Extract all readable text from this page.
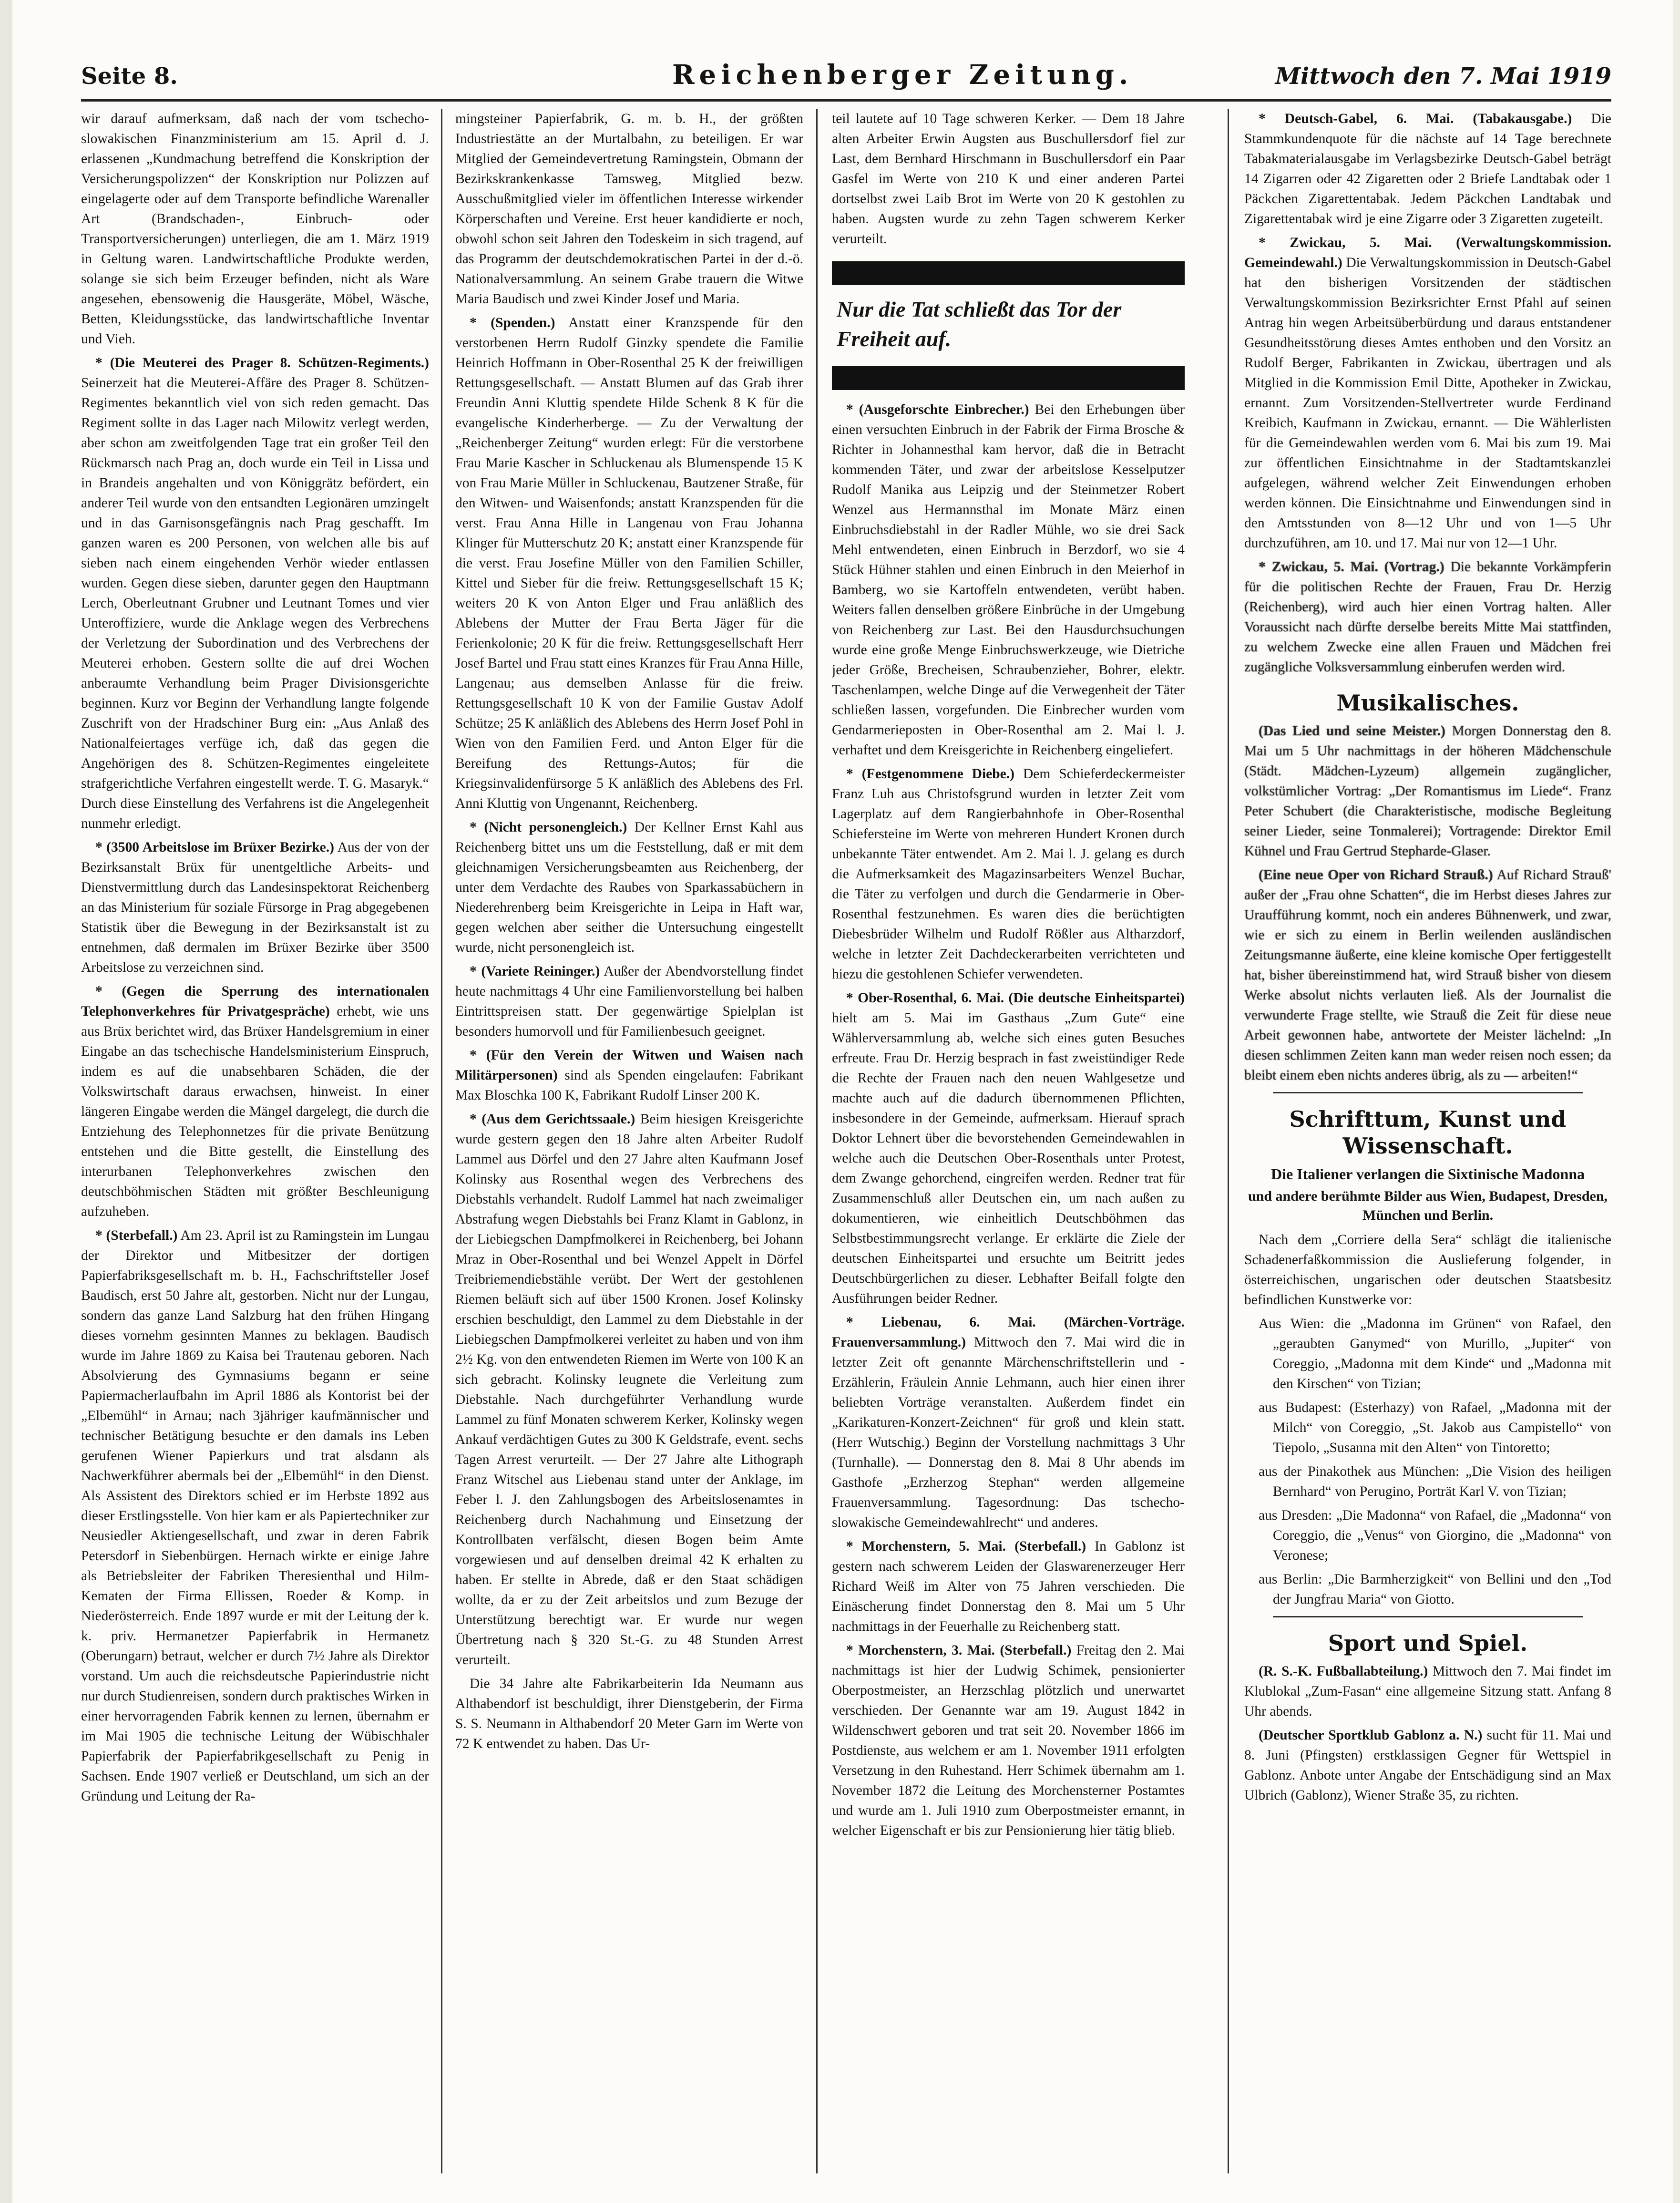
Seite 8.	Reichenberger Zeitung.	Mittwoch den 7. Mai 1919

wir darauf aufmerksam, daß nach der vom tschecho-slowakischen Finanzministerium am 15. April d. J. erlassenen „Kundmachung betreffend die Konskription der Versicherungspolizzen“ der Konskription nur Polizzen auf eingelagerte oder auf dem Transporte befindliche Warenaller Art (Brandschaden-, Einbruch- oder Transportversicherungen) unterliegen, die am 1. März 1919 in Geltung waren. Landwirtschaftliche Produkte werden, solange sie sich beim Erzeuger befinden, nicht als Ware angesehen, ebensowenig die Hausgeräte, Möbel, Wäsche, Betten, Kleidungsstücke, das landwirtschaftliche Inventar und Vieh.

* (Die Meuterei des Prager 8. Schützen-Regiments.) Seinerzeit hat die Meuterei-Affäre des Prager 8. Schützen-Regimentes bekanntlich viel von sich reden gemacht. Das Regiment sollte in das Lager nach Milowitz verlegt werden, aber schon am zweitfolgenden Tage trat ein großer Teil den Rückmarsch nach Prag an, doch wurde ein Teil in Lissa und in Brandeis angehalten und von Königgrätz befördert, ein anderer Teil wurde von den entsandten Legionären umzingelt und in das Garnisonsgefängnis nach Prag geschafft. Im ganzen waren es 200 Personen, von welchen alle bis auf sieben nach einem eingehenden Verhör wieder entlassen wurden. Gegen diese sieben, darunter gegen den Hauptmann Lerch, Oberleutnant Grubner und Leutnant Tomes und vier Unteroffiziere, wurde die Anklage wegen des Verbrechens der Verletzung der Subordination und des Verbrechens der Meuterei erhoben. Gestern sollte die auf drei Wochen anberaumte Verhandlung beim Prager Divisionsgerichte beginnen. Kurz vor Beginn der Verhandlung langte folgende Zuschrift von der Hradschiner Burg ein: „Aus Anlaß des Nationalfeiertages verfüge ich, daß das gegen die Angehörigen des 8. Schützen-Regimentes eingeleitete strafgerichtliche Verfahren eingestellt werde. T. G. Masaryk.“ Durch diese Einstellung des Verfahrens ist die Angelegenheit nunmehr erledigt.

* (3500 Arbeitslose im Brüxer Bezirke.) Aus der von der Bezirksanstalt Brüx für unentgeltliche Arbeits- und Dienstvermittlung durch das Landesinspektorat Reichenberg an das Ministerium für soziale Fürsorge in Prag abgegebenen Statistik über die Bewegung in der Bezirksanstalt ist zu entnehmen, daß dermalen im Brüxer Bezirke über 3500 Arbeitslose zu verzeichnen sind.

* (Gegen die Sperrung des internationalen Telephonverkehres für Privatgespräche) erhebt, wie uns aus Brüx berichtet wird, das Brüxer Handelsgremium in einer Eingabe an das tschechische Handelsministerium Einspruch, indem es auf die unabsehbaren Schäden, die der Volkswirtschaft daraus erwachsen, hinweist. In einer längeren Eingabe werden die Mängel dargelegt, die durch die Entziehung des Telephonnetzes für die private Benützung entstehen und die Bitte gestellt, die Einstellung des interurbanen Telephonverkehres zwischen den deutschböhmischen Städten mit größter Beschleunigung aufzuheben.

* (Sterbefall.) Am 23. April ist zu Ramingstein im Lungau der Direktor und Mitbesitzer der dortigen Papierfabriksgesellschaft m. b. H., Fachschriftsteller Josef Baudisch, erst 50 Jahre alt, gestorben. Nicht nur der Lungau, sondern das ganze Land Salzburg hat den frühen Hingang dieses vornehm gesinnten Mannes zu beklagen. Baudisch wurde im Jahre 1869 zu Kaisa bei Trautenau geboren. Nach Absolvierung des Gymnasiums begann er seine Papiermacherlaufbahn im April 1886 als Kontorist bei der „Elbemühl“ in Arnau; nach 3jähriger kaufmännischer und technischer Betätigung besuchte er den damals ins Leben gerufenen Wiener Papierkurs und trat alsdann als Nachwerkführer abermals bei der „Elbemühl“ in den Dienst. Als Assistent des Direktors schied er im Herbste 1892 aus dieser Erstlingsstelle. Von hier kam er als Papiertechniker zur Neusiedler Aktiengesellschaft, und zwar in deren Fabrik Petersdorf in Siebenbürgen. Hernach wirkte er einige Jahre als Betriebsleiter der Fabriken Theresienthal und Hilm-Kematen der Firma Ellissen, Roeder & Komp. in Niederösterreich. Ende 1897 wurde er mit der Leitung der k. k. priv. Hermanetzer Papierfabrik in Hermanetz (Oberungarn) betraut, welcher er durch 7½ Jahre als Direktor vorstand. Um auch die reichsdeutsche Papierindustrie nicht nur durch Studienreisen, sondern durch praktisches Wirken in einer hervorragenden Fabrik kennen zu lernen, übernahm er im Mai 1905 die technische Leitung der Wübischhaler Papierfabrik der Papierfabrikgesellschaft zu Penig in Sachsen. Ende 1907 verließ er Deutschland, um sich an der Gründung und Leitung der Ra-

mingsteiner Papierfabrik, G. m. b. H., der größten Industriestätte an der Murtalbahn, zu beteiligen. Er war Mitglied der Gemeindevertretung Ramingstein, Obmann der Bezirkskrankenkasse Tamsweg, Mitglied bezw. Ausschußmitglied vieler im öffentlichen Interesse wirkender Körperschaften und Vereine. Erst heuer kandidierte er noch, obwohl schon seit Jahren den Todeskeim in sich tragend, auf das Programm der deutschdemokratischen Partei in der d.-ö. Nationalversammlung. An seinem Grabe trauern die Witwe Maria Baudisch und zwei Kinder Josef und Maria.

* (Spenden.) Anstatt einer Kranzspende für den verstorbenen Herrn Rudolf Ginzky spendete die Familie Heinrich Hoffmann in Ober-Rosenthal 25 K der freiwilligen Rettungsgesellschaft. — Anstatt Blumen auf das Grab ihrer Freundin Anni Kluttig spendete Hilde Schenk 8 K für die evangelische Kinderherberge. — Zu der Verwaltung der „Reichenberger Zeitung“ wurden erlegt: Für die verstorbene Frau Marie Kascher in Schluckenau als Blumenspende 15 K von Frau Marie Müller in Schluckenau, Bautzener Straße, für den Witwen- und Waisenfonds; anstatt Kranzspenden für die verst. Frau Anna Hille in Langenau von Frau Johanna Klinger für Mutterschutz 20 K; anstatt einer Kranzspende für die verst. Frau Josefine Müller von den Familien Schiller, Kittel und Sieber für die freiw. Rettungsgesellschaft 15 K; weiters 20 K von Anton Elger und Frau anläßlich des Ablebens der Mutter der Frau Berta Jäger für die Ferienkolonie; 20 K für die freiw. Rettungsgesellschaft Herr Josef Bartel und Frau statt eines Kranzes für Frau Anna Hille, Langenau; aus demselben Anlasse für die freiw. Rettungsgesellschaft 10 K von der Familie Gustav Adolf Schütze; 25 K anläßlich des Ablebens des Herrn Josef Pohl in Wien von den Familien Ferd. und Anton Elger für die Bereifung des Rettungs-Autos; für die Kriegsinvalidenfürsorge 5 K anläßlich des Ablebens des Frl. Anni Kluttig von Ungenannt, Reichenberg.

* (Nicht personengleich.) Der Kellner Ernst Kahl aus Reichenberg bittet uns um die Feststellung, daß er mit dem gleichnamigen Versicherungsbeamten aus Reichenberg, der unter dem Verdachte des Raubes von Sparkassabüchern in Niederehrenberg beim Kreisgerichte in Leipa in Haft war, gegen welchen aber seither die Untersuchung eingestellt wurde, nicht personengleich ist.

* (Variete Reininger.) Außer der Abendvorstellung findet heute nachmittags 4 Uhr eine Familienvorstellung bei halben Eintrittspreisen statt. Der gegenwärtige Spielplan ist besonders humorvoll und für Familienbesuch geeignet.

* (Für den Verein der Witwen und Waisen nach Militärpersonen) sind als Spenden eingelaufen: Fabrikant Max Bloschka 100 K, Fabrikant Rudolf Linser 200 K.

* (Aus dem Gerichtssaale.) Beim hiesigen Kreisgerichte wurde gestern gegen den 18 Jahre alten Arbeiter Rudolf Lammel aus Dörfel und den 27 Jahre alten Kaufmann Josef Kolinsky aus Rosenthal wegen des Verbrechens des Diebstahls verhandelt. Rudolf Lammel hat nach zweimaliger Abstrafung wegen Diebstahls bei Franz Klamt in Gablonz, in der Liebiegschen Dampfmolkerei in Reichenberg, bei Johann Mraz in Ober-Rosenthal und bei Wenzel Appelt in Dörfel Treibriemendiebstähle verübt. Der Wert der gestohlenen Riemen beläuft sich auf über 1500 Kronen. Josef Kolinsky erschien beschuldigt, den Lammel zu dem Diebstahle in der Liebiegschen Dampfmolkerei verleitet zu haben und von ihm 2½ Kg. von den entwendeten Riemen im Werte von 100 K an sich gebracht. Kolinsky leugnete die Verleitung zum Diebstahle. Nach durchgeführter Verhandlung wurde Lammel zu fünf Monaten schwerem Kerker, Kolinsky wegen Ankauf verdächtigen Gutes zu 300 K Geldstrafe, event. sechs Tagen Arrest verurteilt. — Der 27 Jahre alte Lithograph Franz Witschel aus Liebenau stand unter der Anklage, im Feber l. J. den Zahlungsbogen des Arbeitslosenamtes in Reichenberg durch Nachahmung und Einsetzung der Kontrollbaten verfälscht, diesen Bogen beim Amte vorgewiesen und auf denselben dreimal 42 K erhalten zu haben. Er stellte in Abrede, daß er den Staat schädigen wollte, da er zu der Zeit arbeitslos und zum Bezuge der Unterstützung berechtigt war. Er wurde nur wegen Übertretung nach § 320 St.-G. zu 48 Stunden Arrest verurteilt.

Die 34 Jahre alte Fabrikarbeiterin Ida Neumann aus Althabendorf ist beschuldigt, ihrer Dienstgeberin, der Firma S. S. Neumann in Althabendorf 20 Meter Garn im Werte von 72 K entwendet zu haben. Das Ur-

teil lautete auf 10 Tage schweren Kerker. — Dem 18 Jahre alten Arbeiter Erwin Augsten aus Buschullersdorf fiel zur Last, dem Bernhard Hirschmann in Buschullersdorf ein Paar Gasfel im Werte von 210 K und einer anderen Partei dortselbst zwei Laib Brot im Werte von 20 K gestohlen zu haben. Augsten wurde zu zehn Tagen schwerem Kerker verurteilt.

Nur die Tat schließt das Tor der Freiheit auf.

* (Ausgeforschte Einbrecher.) Bei den Erhebungen über einen versuchten Einbruch in der Fabrik der Firma Brosche & Richter in Johannesthal kam hervor, daß die in Betracht kommenden Täter, und zwar der arbeitslose Kesselputzer Rudolf Manika aus Leipzig und der Steinmetzer Robert Wenzel aus Hermannsthal im Monate März einen Einbruchsdiebstahl in der Radler Mühle, wo sie drei Sack Mehl entwendeten, einen Einbruch in Berzdorf, wo sie 4 Stück Hühner stahlen und einen Einbruch in den Meierhof in Bamberg, wo sie Kartoffeln entwendeten, verübt haben. Weiters fallen denselben größere Einbrüche in der Umgebung von Reichenberg zur Last. Bei den Hausdurchsuchungen wurde eine große Menge Einbruchswerkzeuge, wie Dietriche jeder Größe, Brecheisen, Schraubenzieher, Bohrer, elektr. Taschenlampen, welche Dinge auf die Verwegenheit der Täter schließen lassen, vorgefunden. Die Einbrecher wurden vom Gendarmerieposten in Ober-Rosenthal am 2. Mai l. J. verhaftet und dem Kreisgerichte in Reichenberg eingeliefert.

* (Festgenommene Diebe.) Dem Schieferdeckermeister Franz Luh aus Christofsgrund wurden in letzter Zeit vom Lagerplatz auf dem Rangierbahnhofe in Ober-Rosenthal Schiefersteine im Werte von mehreren Hundert Kronen durch unbekannte Täter entwendet. Am 2. Mai l. J. gelang es durch die Aufmerksamkeit des Magazinsarbeiters Wenzel Buchar, die Täter zu verfolgen und durch die Gendarmerie in Ober-Rosenthal festzunehmen. Es waren dies die berüchtigten Diebesbrüder Wilhelm und Rudolf Rößler aus Altharzdorf, welche in letzter Zeit Dachdeckerarbeiten verrichteten und hiezu die gestohlenen Schiefer verwendeten.

* Ober-Rosenthal, 6. Mai. (Die deutsche Einheitspartei) hielt am 5. Mai im Gasthaus „Zum Gute“ eine Wählerversammlung ab, welche sich eines guten Besuches erfreute. Frau Dr. Herzig besprach in fast zweistündiger Rede die Rechte der Frauen nach den neuen Wahlgesetze und machte auch auf die dadurch übernommenen Pflichten, insbesondere in der Gemeinde, aufmerksam. Hierauf sprach Doktor Lehnert über die bevorstehenden Gemeindewahlen in welche auch die Deutschen Ober-Rosenthals unter Protest, dem Zwange gehorchend, eingreifen werden. Redner trat für Zusammenschluß aller Deutschen ein, um nach außen zu dokumentieren, wie einheitlich Deutschböhmen das Selbstbestimmungsrecht verlange. Er erklärte die Ziele der deutschen Einheitspartei und ersuchte um Beitritt jedes Deutschbürgerlichen zu dieser. Lebhafter Beifall folgte den Ausführungen beider Redner.

* Liebenau, 6. Mai. (Märchen-Vorträge. Frauenversammlung.) Mittwoch den 7. Mai wird die in letzter Zeit oft genannte Märchenschriftstellerin und -Erzählerin, Fräulein Annie Lehmann, auch hier einen ihrer beliebten Vorträge veranstalten. Außerdem findet ein „Karikaturen-Konzert-Zeichnen“ für groß und klein statt. (Herr Wutschig.) Beginn der Vorstellung nachmittags 3 Uhr (Turnhalle). — Donnerstag den 8. Mai 8 Uhr abends im Gasthofe „Erzherzog Stephan“ werden allgemeine Frauenversammlung. Tagesordnung: Das tschecho-slowakische Gemeindewahlrecht“ und anderes.

* Morchenstern, 5. Mai. (Sterbefall.) In Gablonz ist gestern nach schwerem Leiden der Glaswarenerzeuger Herr Richard Weiß im Alter von 75 Jahren verschieden. Die Einäscherung findet Donnerstag den 8. Mai um 5 Uhr nachmittags in der Feuerhalle zu Reichenberg statt.

* Morchenstern, 3. Mai. (Sterbefall.) Freitag den 2. Mai nachmittags ist hier der Ludwig Schimek, pensionierter Oberpostmeister, an Herzschlag plötzlich und unerwartet verschieden. Der Genannte war am 19. August 1842 in Wildenschwert geboren und trat seit 20. November 1866 im Postdienste, aus welchem er am 1. November 1911 erfolgten Versetzung in den Ruhestand. Herr Schimek übernahm am 1. November 1872 die Leitung des Morchensterner Postamtes und wurde am 1. Juli 1910 zum Oberpostmeister ernannt, in welcher Eigenschaft er bis zur Pensionierung hier tätig blieb.

* Deutsch-Gabel, 6. Mai. (Tabakausgabe.) Die Stammkundenquote für die nächste auf 14 Tage berechnete Tabakmaterialausgabe im Verlagsbezirke Deutsch-Gabel beträgt 14 Zigarren oder 42 Zigaretten oder 2 Briefe Landtabak oder 1 Päckchen Zigarettentabak. Jedem Päckchen Landtabak und Zigarettentabak wird je eine Zigarre oder 3 Zigaretten zugeteilt.

* Zwickau, 5. Mai. (Verwaltungskommission. Gemeindewahl.) Die Verwaltungskommission in Deutsch-Gabel hat den bisherigen Vorsitzenden der städtischen Verwaltungskommission Bezirksrichter Ernst Pfahl auf seinen Antrag hin wegen Arbeitsüberbürdung und daraus entstandener Gesundheitsstörung dieses Amtes enthoben und den Vorsitz an Rudolf Berger, Fabrikanten in Zwickau, übertragen und als Mitglied in die Kommission Emil Ditte, Apotheker in Zwickau, ernannt. Zum Vorsitzenden-Stellvertreter wurde Ferdinand Kreibich, Kaufmann in Zwickau, ernannt. — Die Wählerlisten für die Gemeindewahlen werden vom 6. Mai bis zum 19. Mai zur öffentlichen Einsichtnahme in der Stadtamtskanzlei aufgelegen, während welcher Zeit Einwendungen erhoben werden können. Die Einsichtnahme und Einwendungen sind in den Amtsstunden von 8—12 Uhr und von 1—5 Uhr durchzuführen, am 10. und 17. Mai nur von 12—1 Uhr.

* Zwickau, 5. Mai. (Vortrag.) Die bekannte Vorkämpferin für die politischen Rechte der Frauen, Frau Dr. Herzig (Reichenberg), wird auch hier einen Vortrag halten. Aller Voraussicht nach dürfte derselbe bereits Mitte Mai stattfinden, zu welchem Zwecke eine allen Frauen und Mädchen frei zugängliche Volksversammlung einberufen werden wird.

Musikalisches.

(Das Lied und seine Meister.) Morgen Donnerstag den 8. Mai um 5 Uhr nachmittags in der höheren Mädchenschule (Städt. Mädchen-Lyzeum) allgemein zugänglicher, volkstümlicher Vortrag: „Der Romantismus im Liede“. Franz Peter Schubert (die Charakteristische, modische Begleitung seiner Lieder, seine Tonmalerei); Vortragende: Direktor Emil Kühnel und Frau Gertrud Stepharde-Glaser.

(Eine neue Oper von Richard Strauß.) Auf Richard Strauß' außer der „Frau ohne Schatten“, die im Herbst dieses Jahres zur Uraufführung kommt, noch ein anderes Bühnenwerk, und zwar, wie er sich zu einem in Berlin weilenden ausländischen Zeitungsmanne äußerte, eine kleine komische Oper fertiggestellt hat, bisher übereinstimmend hat, wird Strauß bisher von diesem Werke absolut nichts verlauten ließ. Als der Journalist die verwunderte Frage stellte, wie Strauß die Zeit für diese neue Arbeit gewonnen habe, antwortete der Meister lächelnd: „In diesen schlimmen Zeiten kann man weder reisen noch essen; da bleibt einem eben nichts anderes übrig, als zu — arbeiten!“

Schrifttum, Kunst und Wissenschaft.
Die Italiener verlangen die Sixtinische Madonna
und andere berühmte Bilder aus Wien, Budapest, Dresden, München und Berlin.

Nach dem „Corriere della Sera“ schlägt die italienische Schadenerfaßkommission die Auslieferung folgender, in österreichischen, ungarischen oder deutschen Staatsbesitz befindlichen Kunstwerke vor:

Aus Wien: die „Madonna im Grünen“ von Rafael, den „geraubten Ganymed“ von Murillo, „Jupiter“ von Coreggio, „Madonna mit dem Kinde“ und „Madonna mit den Kirschen“ von Tizian;

aus Budapest: (Esterhazy) von Rafael, „Madonna mit der Milch“ von Coreggio, „St. Jakob aus Campistello“ von Tiepolo, „Susanna mit den Alten“ von Tintoretto;

aus der Pinakothek aus München: „Die Vision des heiligen Bernhard“ von Perugino, Porträt Karl V. von Tizian;

aus Dresden: „Die Madonna“ von Rafael, die „Madonna“ von Coreggio, die „Venus“ von Giorgino, die „Madonna“ von Veronese;

aus Berlin: „Die Barmherzigkeit“ von Bellini und den „Tod der Jungfrau Maria“ von Giotto.

Sport und Spiel.

(R. S.-K. Fußballabteilung.) Mittwoch den 7. Mai findet im Klublokal „Zum-Fasan“ eine allgemeine Sitzung statt. Anfang 8 Uhr abends.

(Deutscher Sportklub Gablonz a. N.) sucht für 11. Mai und 8. Juni (Pfingsten) erstklassigen Gegner für Wettspiel in Gablonz. Anbote unter Angabe der Entschädigung sind an Max Ulbrich (Gablonz), Wiener Straße 35, zu richten.
